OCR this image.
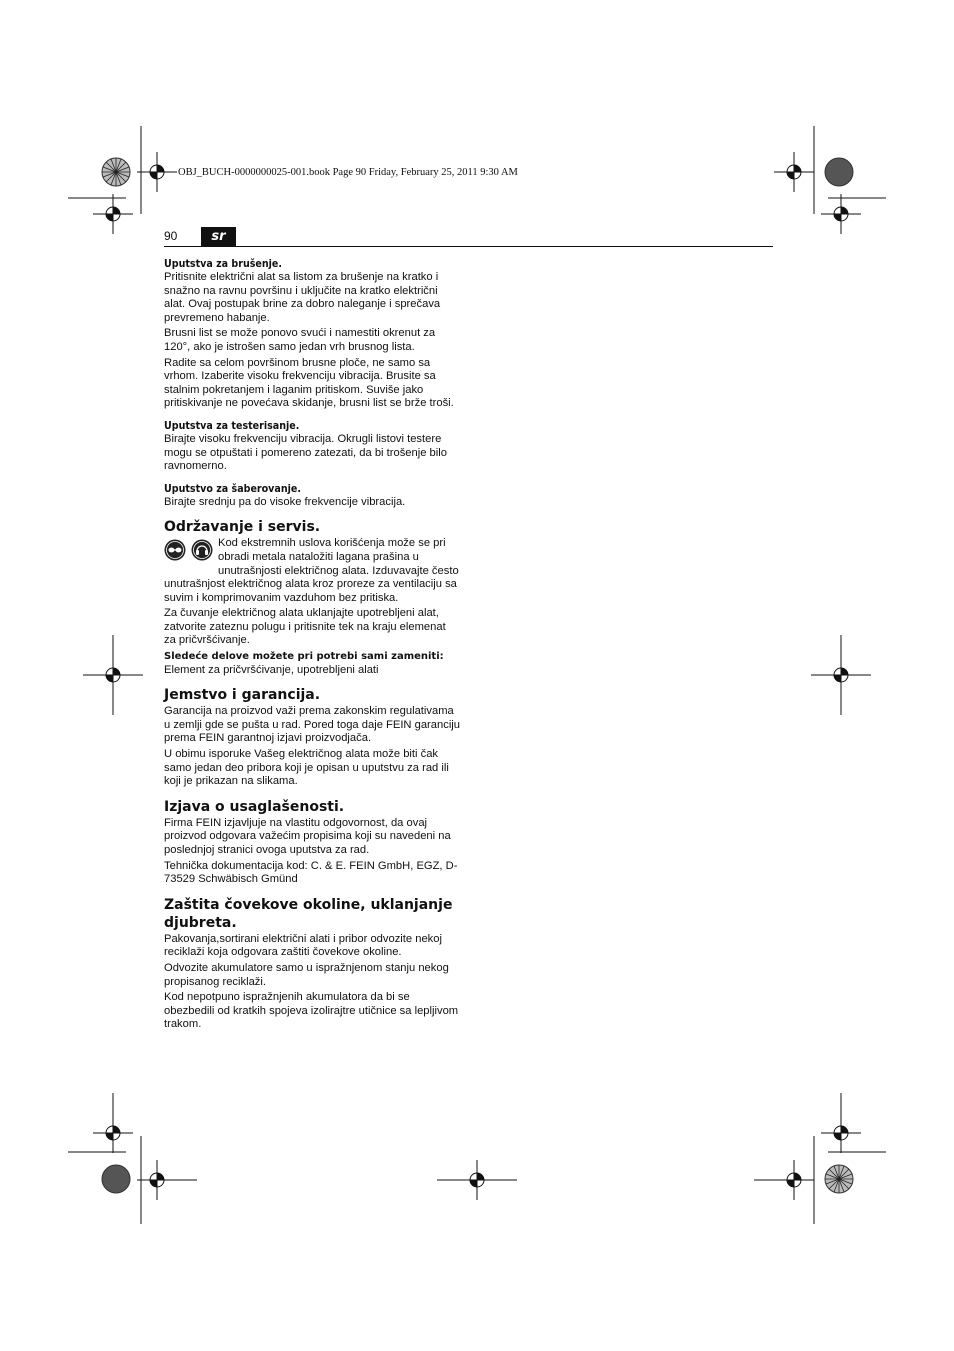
OBJ_BUCH-0000000025-001.book Page 90 Friday, February 25, 2011 9:30 AM
90	sr
Uputstva za brušenje.

Pritisnite električni alat sa listom za brušenje na kratko i snažno na ravnu površinu i uključite na kratko električni alat. Ovaj postupak brine za dobro naleganje i sprečava prevremeno habanje.

Brusni list se može ponovo svući i namestiti okrenut za 120°, ako je istrošen samo jedan vrh brusnog lista.

Radite sa celom površinom brusne ploče, ne samo sa vrhom. Izaberite visoku frekvenciju vibracija. Brusite sa stalnim pokretanjem i laganim pritiskom. Suviše jako pritiskivanje ne povećava skidanje, brusni list se brže troši.

Uputstva za testerisanje.

Birajte visoku frekvenciju vibracija. Okrugli listovi testere mogu se otpuštati i pomereno zatezati, da bi trošenje bilo ravnomerno.

Uputstvo za šaberovanje.

Birajte srednju pa do visoke frekvencije vibracija.

Održavanje i servis.

Kod ekstremnih uslova korišćenja može se pri obradi metala nataložiti lagana prašina u unutrašnjosti električnog alata. Izduvavajte često unutrašnjost električnog alata kroz proreze za ventilaciju sa suvim i komprimovanim vazduhom bez pritiska.

Za čuvanje električnog alata uklanjajte upotrebljeni alat, zatvorite zateznu polugu i pritisnite tek na kraju elemenat za pričvršćivanje.

Sledeće delove možete pri potrebi sami zameniti:

Element za pričvršćivanje, upotrebljeni alati

Jemstvo i garancija.

Garancija na proizvod važi prema zakonskim regulativama u zemlji gde se pušta u rad. Pored toga daje FEIN garanciju prema FEIN garantnoj izjavi proizvodjača.

U obimu isporuke Vašeg električnog alata može biti čak samo jedan deo pribora koji je opisan u uputstvu za rad ili koji je prikazan na slikama.

Izjava o usaglašenosti.

Firma FEIN izjavljuje na vlastitu odgovornost, da ovaj proizvod odgovara važećim propisima koji su navedeni na poslednjoj stranici ovoga uputstva za rad.

Tehnička dokumentacija kod: C. & E. FEIN GmbH, EGZ, D-73529 Schwäbisch Gmünd

Zaštita čovekove okoline, uklanjanje djubreta.

Pakovanja,sortirani električni alati i pribor odvozite nekoj reciklaži koja odgovara zaštiti čovekove okoline.

Odvozite akumulatore samo u ispražnjenom stanju nekog propisanog reciklaži.

Kod nepotpuno ispražnjenih akumulatora da bi se obezbedili od kratkih spojeva izolirajtre utičnice sa lepljivom trakom.
